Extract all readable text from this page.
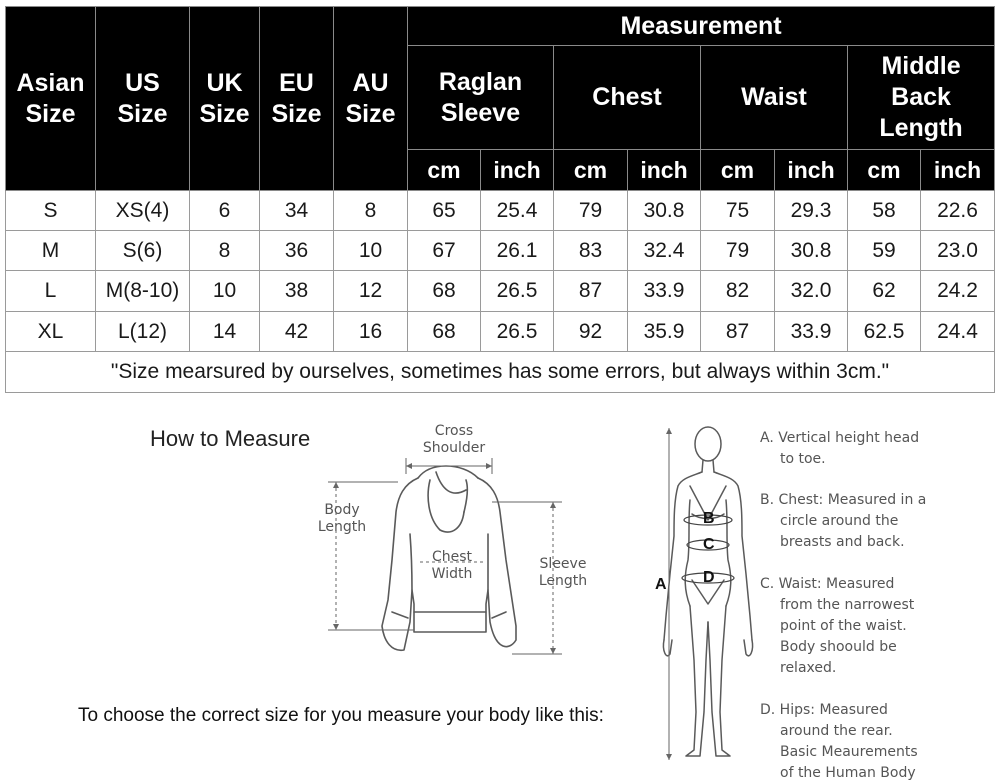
Asian
Size	US
Size	UK
Size	EU
Size	AU
Size	Measurement							
					Raglan
Sleeve		Chest		Waist		Middle
Back
Length	
					cm	inch	cm	inch	cm	inch	cm	inch
S	XS(4)	6	34	8	65	25.4	79	30.8	75	29.3	58	22.6
M	S(6)	8	36	10	67	26.1	83	32.4	79	30.8	59	23.0
L	M(8-10)	10	38	12	68	26.5	87	33.9	82	32.0	62	24.2
XL	L(12)	14	42	16	68	26.5	92	35.9	87	33.9	62.5	24.4
"Size mearsured by ourselves, sometimes has some errors, but always within 3cm."												
How to Measure	Cross
Shoulder
Body
Length
Chest
Width
Sleeve
Length	A
B
C
D
A. Vertical height head
to toe.
B. Chest: Measured in a
circle around the
breasts and back.
C. Waist: Measured
from the narrowest
point of the waist.
Body shoould be
relaxed.
D. Hips: Measured
around the rear.
Basic Meaurements
of the Human Body
To choose the correct size for you measure your body like this:
